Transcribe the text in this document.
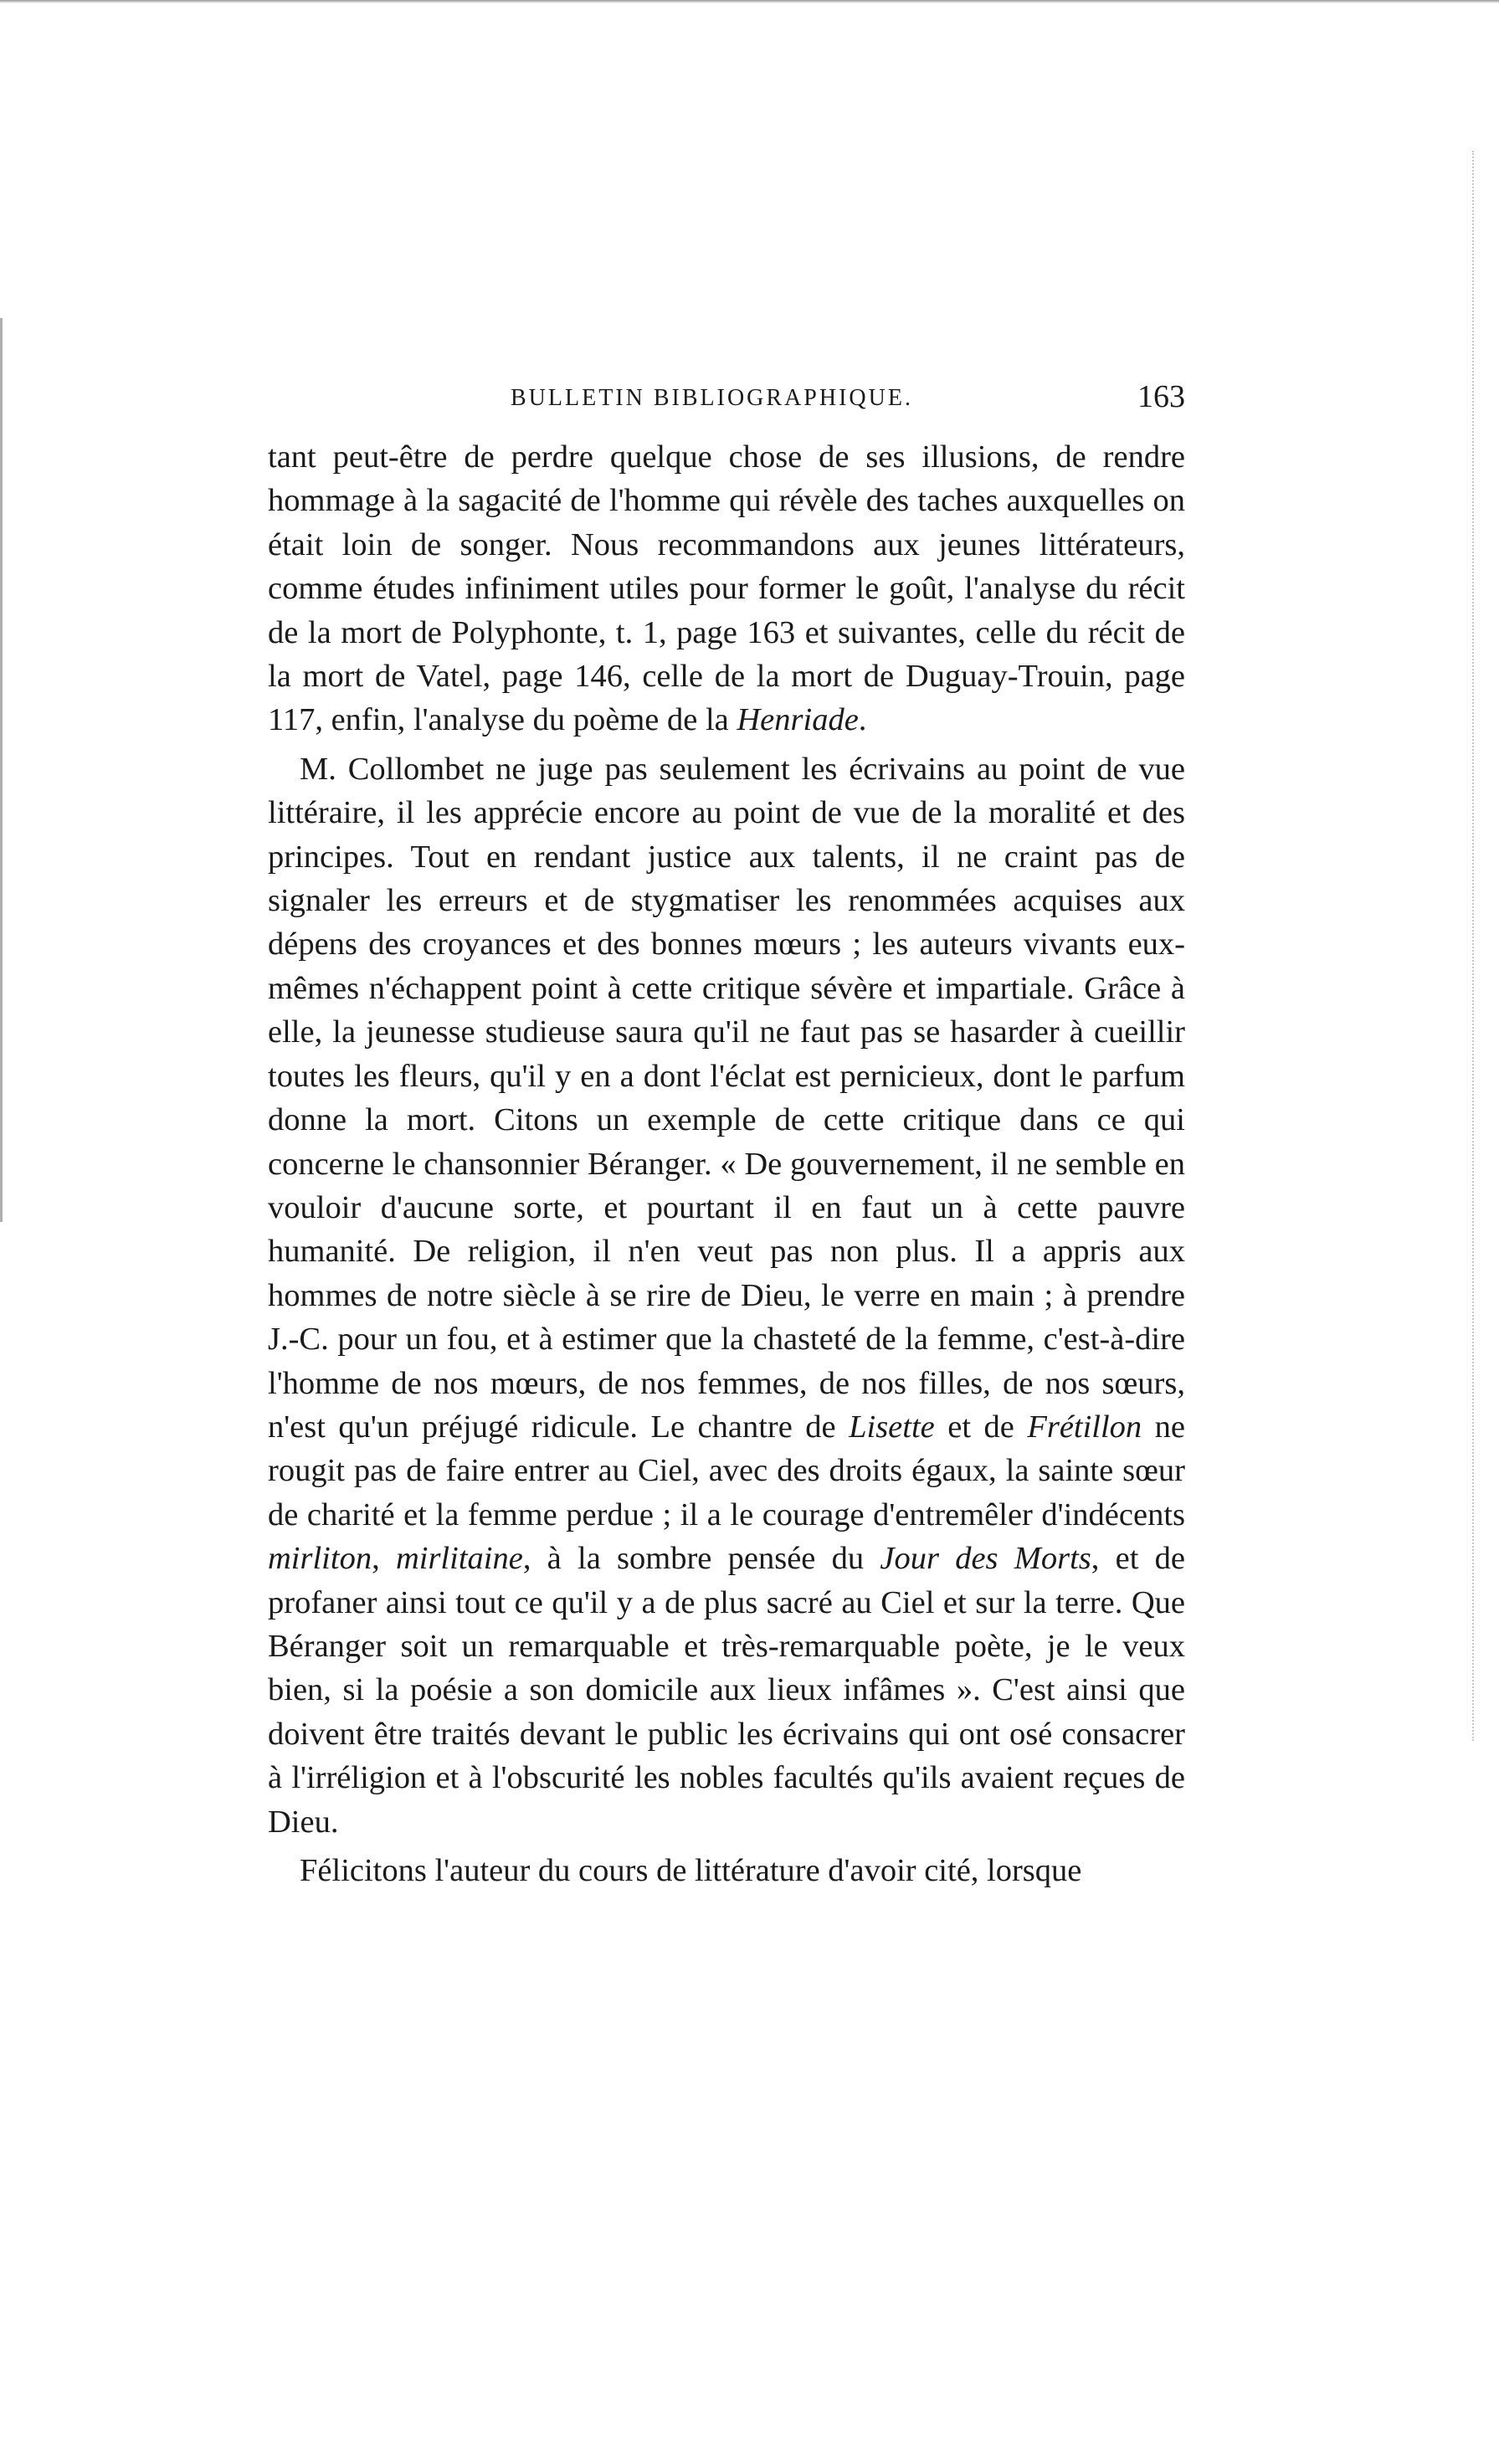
BULLETIN BIBLIOGRAPHIQUE.	163

tant peut-être de perdre quelque chose de ses illusions, de rendre hommage à la sagacité de l'homme qui révèle des taches auxquelles on était loin de songer. Nous recommandons aux jeunes littérateurs, comme études infiniment utiles pour former le goût, l'analyse du récit de la mort de Polyphonte, t. 1, page 163 et suivantes, celle du récit de la mort de Vatel, page 146, celle de la mort de Duguay-Trouin, page 117, enfin, l'analyse du poème de la Henriade.

M. Collombet ne juge pas seulement les écrivains au point de vue littéraire, il les apprécie encore au point de vue de la moralité et des principes. Tout en rendant justice aux talents, il ne craint pas de signaler les erreurs et de stygmatiser les renommées acquises aux dépens des croyances et des bonnes mœurs ; les auteurs vivants eux-mêmes n'échappent point à cette critique sévère et impartiale. Grâce à elle, la jeunesse studieuse saura qu'il ne faut pas se hasarder à cueillir toutes les fleurs, qu'il y en a dont l'éclat est pernicieux, dont le parfum donne la mort. Citons un exemple de cette critique dans ce qui concerne le chansonnier Béranger. « De gouvernement, il ne semble en vouloir d'aucune sorte, et pourtant il en faut un à cette pauvre humanité. De religion, il n'en veut pas non plus. Il a appris aux hommes de notre siècle à se rire de Dieu, le verre en main ; à prendre J.-C. pour un fou, et à estimer que la chasteté de la femme, c'est-à-dire l'homme de nos mœurs, de nos femmes, de nos filles, de nos sœurs, n'est qu'un préjugé ridicule. Le chantre de Lisette et de Frétillon ne rougit pas de faire entrer au Ciel, avec des droits égaux, la sainte sœur de charité et la femme perdue ; il a le courage d'entremêler d'indécents mirliton, mirlitaine, à la sombre pensée du Jour des Morts, et de profaner ainsi tout ce qu'il y a de plus sacré au Ciel et sur la terre. Que Béranger soit un remarquable et très-remarquable poète, je le veux bien, si la poésie a son domicile aux lieux infâmes ». C'est ainsi que doivent être traités devant le public les écrivains qui ont osé consacrer à l'irréligion et à l'obscurité les nobles facultés qu'ils avaient reçues de Dieu.

Félicitons l'auteur du cours de littérature d'avoir cité, lorsque
